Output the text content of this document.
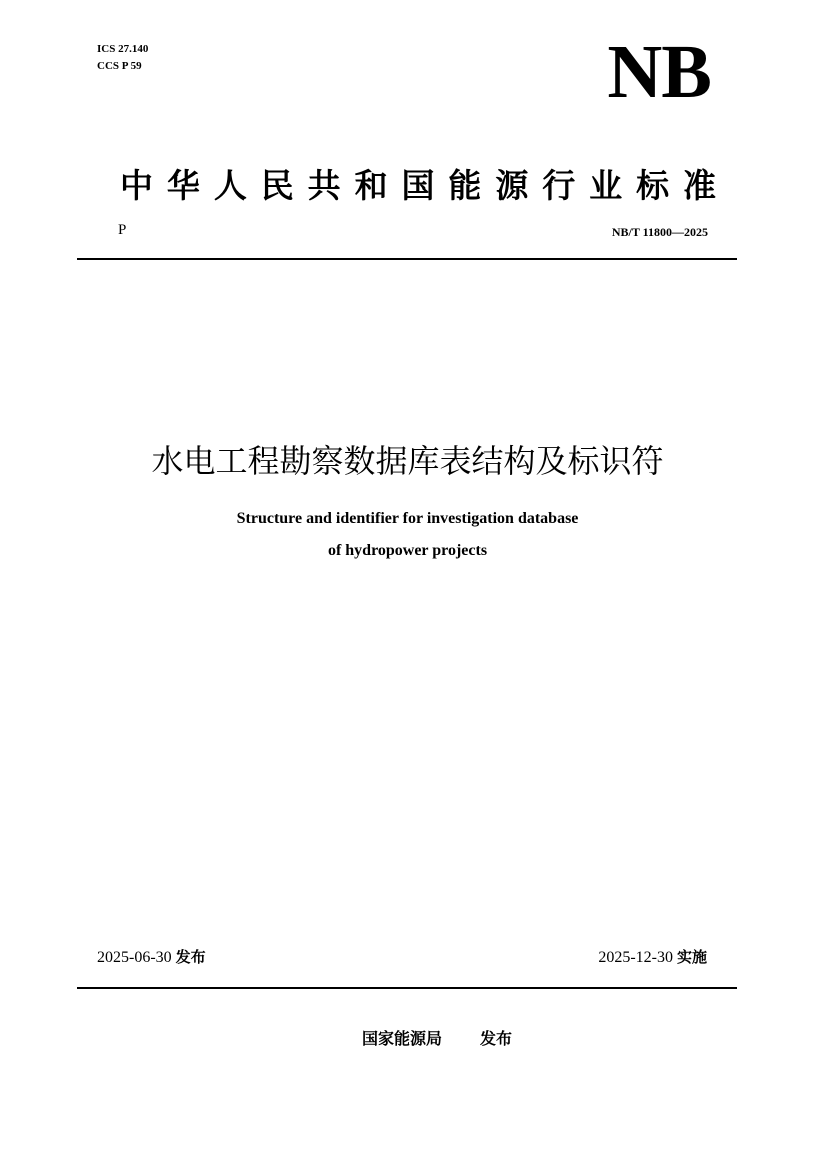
ICS 27.140
CCS P 59	NB
中华人民共和国能源行业标准
P	NB/T 11800—2025
水电工程勘察数据库表结构及标识符
Structure and identifier for investigation database
of hydropower projects
2025-06-30 发布	2025-12-30 实施
国家能源局 发布
